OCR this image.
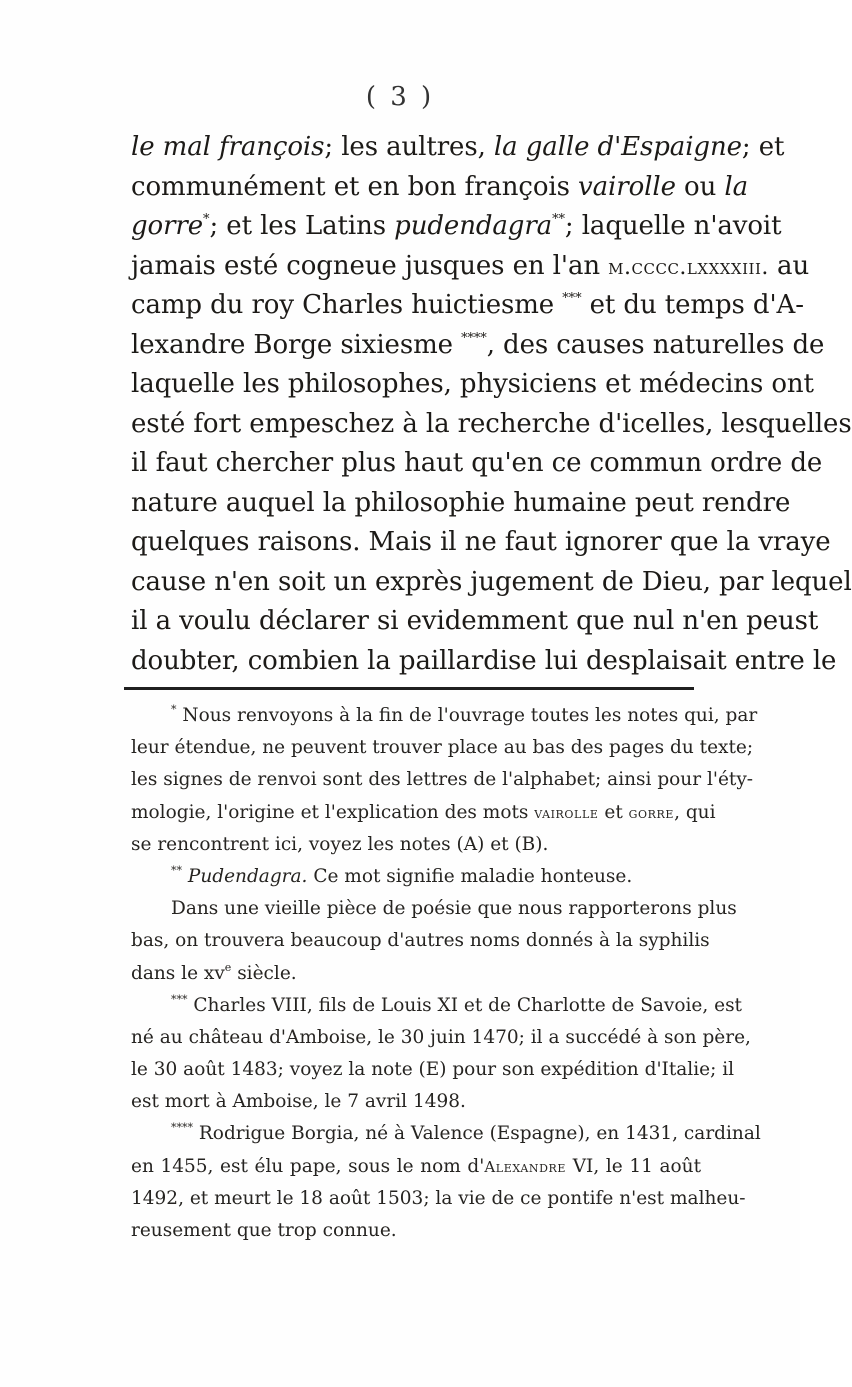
( 3 )
le mal françois; les aultres, la galle d'Espaigne; et
communément et en bon françois vairolle ou la
gorre*; et les Latins pudendagra**; laquelle n'avoit
jamais esté cogneue jusques en l'an m.cccc.lxxxxiii. au
camp du roy Charles huictiesme *** et du temps d'A-
lexandre Borge sixiesme ****, des causes naturelles de
laquelle les philosophes, physiciens et médecins ont
esté fort empeschez à la recherche d'icelles, lesquelles
il faut chercher plus haut qu'en ce commun ordre de
nature auquel la philosophie humaine peut rendre
quelques raisons. Mais il ne faut ignorer que la vraye
cause n'en soit un exprès jugement de Dieu, par lequel
il a voulu déclarer si evidemment que nul n'en peust
doubter, combien la paillardise lui desplaisait entre le
* Nous renvoyons à la fin de l'ouvrage toutes les notes qui, par
leur étendue, ne peuvent trouver place au bas des pages du texte;
les signes de renvoi sont des lettres de l'alphabet; ainsi pour l'éty-
mologie, l'origine et l'explication des mots vairolle et gorre, qui
se rencontrent ici, voyez les notes (A) et (B).
** Pudendagra. Ce mot signifie maladie honteuse.
Dans une vieille pièce de poésie que nous rapporterons plus
bas, on trouvera beaucoup d'autres noms donnés à la syphilis
dans le $xv^e$ siècle.
*** Charles VIII, fils de Louis XI et de Charlotte de Savoie, est
né au château d'Amboise, le 30 juin 1470; il a succédé à son père,
le 30 août 1483; voyez la note (E) pour son expédition d'Italie; il
est mort à Amboise, le 7 avril 1498.
**** Rodrigue Borgia, né à Valence (Espagne), en 1431, cardinal
en 1455, est élu pape, sous le nom d'Alexandre VI, le 11 août
1492, et meurt le 18 août 1503; la vie de ce pontife n'est malheu-
reusement que trop connue.
